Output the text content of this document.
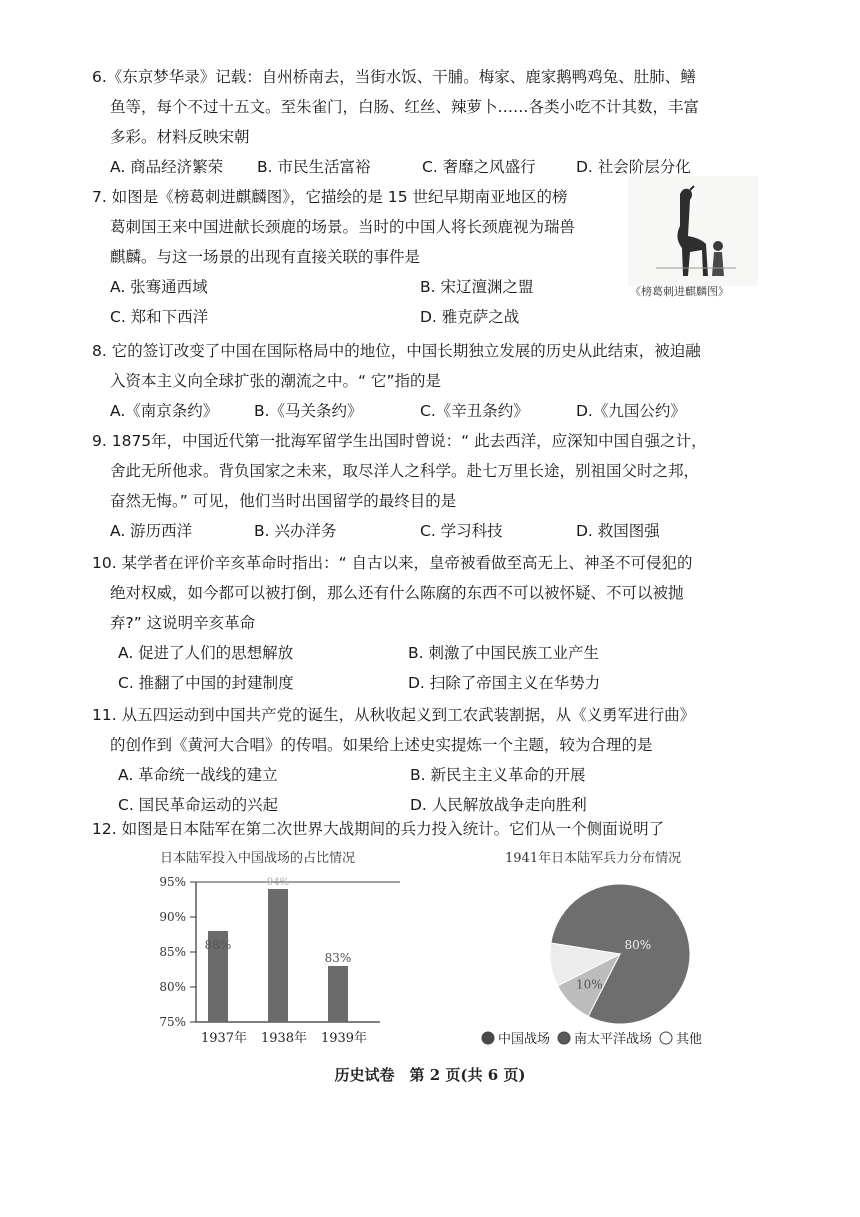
6.《东京梦华录》记载：自州桥南去，当街水饭、干脯。梅家、鹿家鹅鸭鸡兔、肚肺、鳝
鱼等，每个不过十五文。至朱雀门，白肠、红丝、辣萝卜……各类小吃不计其数，丰富
多彩。材料反映宋朝
A. 商品经济繁荣 B. 市民生活富裕	C. 奢靡之风盛行	D. 社会阶层分化
7. 如图是《榜葛刺进麒麟图》，它描绘的是 15 世纪早期南亚地区的榜
葛刺国王来中国进献长颈鹿的场景。当时的中国人将长颈鹿视为瑞兽
麒麟。与这一场景的出现有直接关联的事件是
A. 张骞通西域	B. 宋辽澶渊之盟
C. 郑和下西洋	D. 雅克萨之战
《榜葛刺进麒麟图》
8. 它的签订改变了中国在国际格局中的地位，中国长期独立发展的历史从此结束，被迫融
入资本主义向全球扩张的潮流之中。“ 它”指的是
A.《南京条约》 B.《马关条约》	C.《辛丑条约》	D.《九国公约》
9. 1875年，中国近代第一批海军留学生出国时曾说：“ 此去西洋，应深知中国自强之计，
舍此无所他求。背负国家之未来，取尽洋人之科学。赴七万里长途，别祖国父时之邦，
奋然无悔。” 可见，他们当时出国留学的最终目的是
A. 游历西洋	B. 兴办洋务	C. 学习科技	D. 救国图强
10. 某学者在评价辛亥革命时指出：“ 自古以来，皇帝被看做至高无上、神圣不可侵犯的
绝对权威，如今都可以被打倒，那么还有什么陈腐的东西不可以被怀疑、不可以被抛
弃?” 这说明辛亥革命
A. 促进了人们的思想解放	B. 刺激了中国民族工业产生
C. 推翻了中国的封建制度	D. 扫除了帝国主义在华势力
11. 从五四运动到中国共产党的诞生，从秋收起义到工农武装割据，从《义勇军进行曲》
的创作到《黄河大合唱》的传唱。如果给上述史实提炼一个主题，较为合理的是
A. 革命统一战线的建立	B. 新民主主义革命的开展
C. 国民革命运动的兴起	D. 人民解放战争走向胜利
12. 如图是日本陆军在第二次世界大战期间的兵力投入统计。它们从一个侧面说明了
日本陆军投入中国战场的占比情况
75%
80%
85%
90%
95%
88%
94%
83%
1937年 1938年 1939年
1941年日本陆军兵力分布情况
80%
10%
中国战场 南太平洋战场 其他
历史试卷　第 2 页(共 6 页)
